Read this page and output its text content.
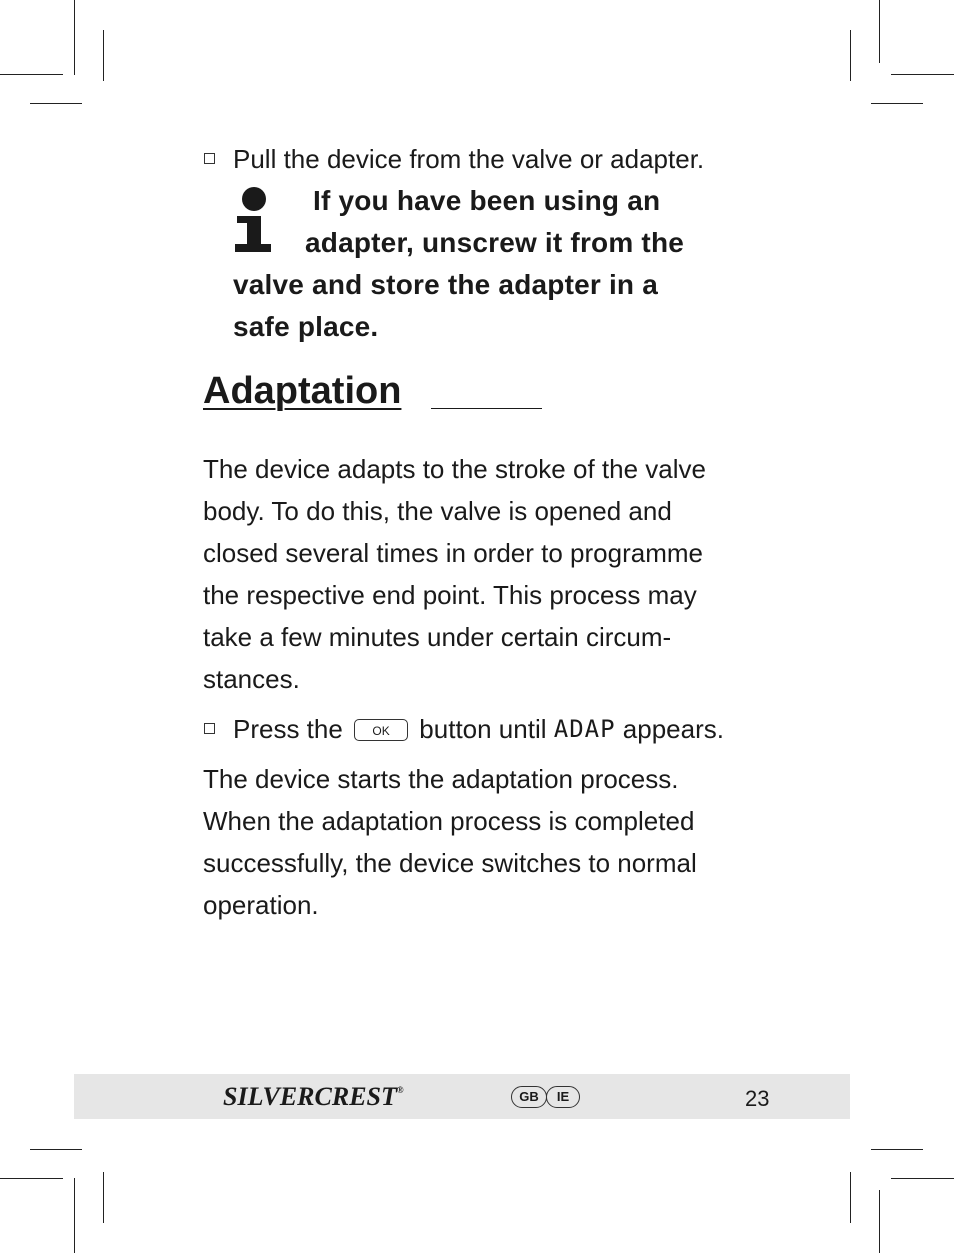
Pull the device from the valve or adapter.
If you have been using an
adapter, unscrew it from the
valve and store the adapter in a
safe place.
Adaptation

The device adapts to the stroke of the valve
body. To do this, the valve is opened and
closed several times in order to programme
the respective end point. This process may
take a few minutes under certain circum-
stances.

Press the OK button until ADAP appears.

The device starts the adaptation process.
When the adaptation process is completed
successfully, the device switches to normal
operation.

SILVERCREST®	GB	IE	23
